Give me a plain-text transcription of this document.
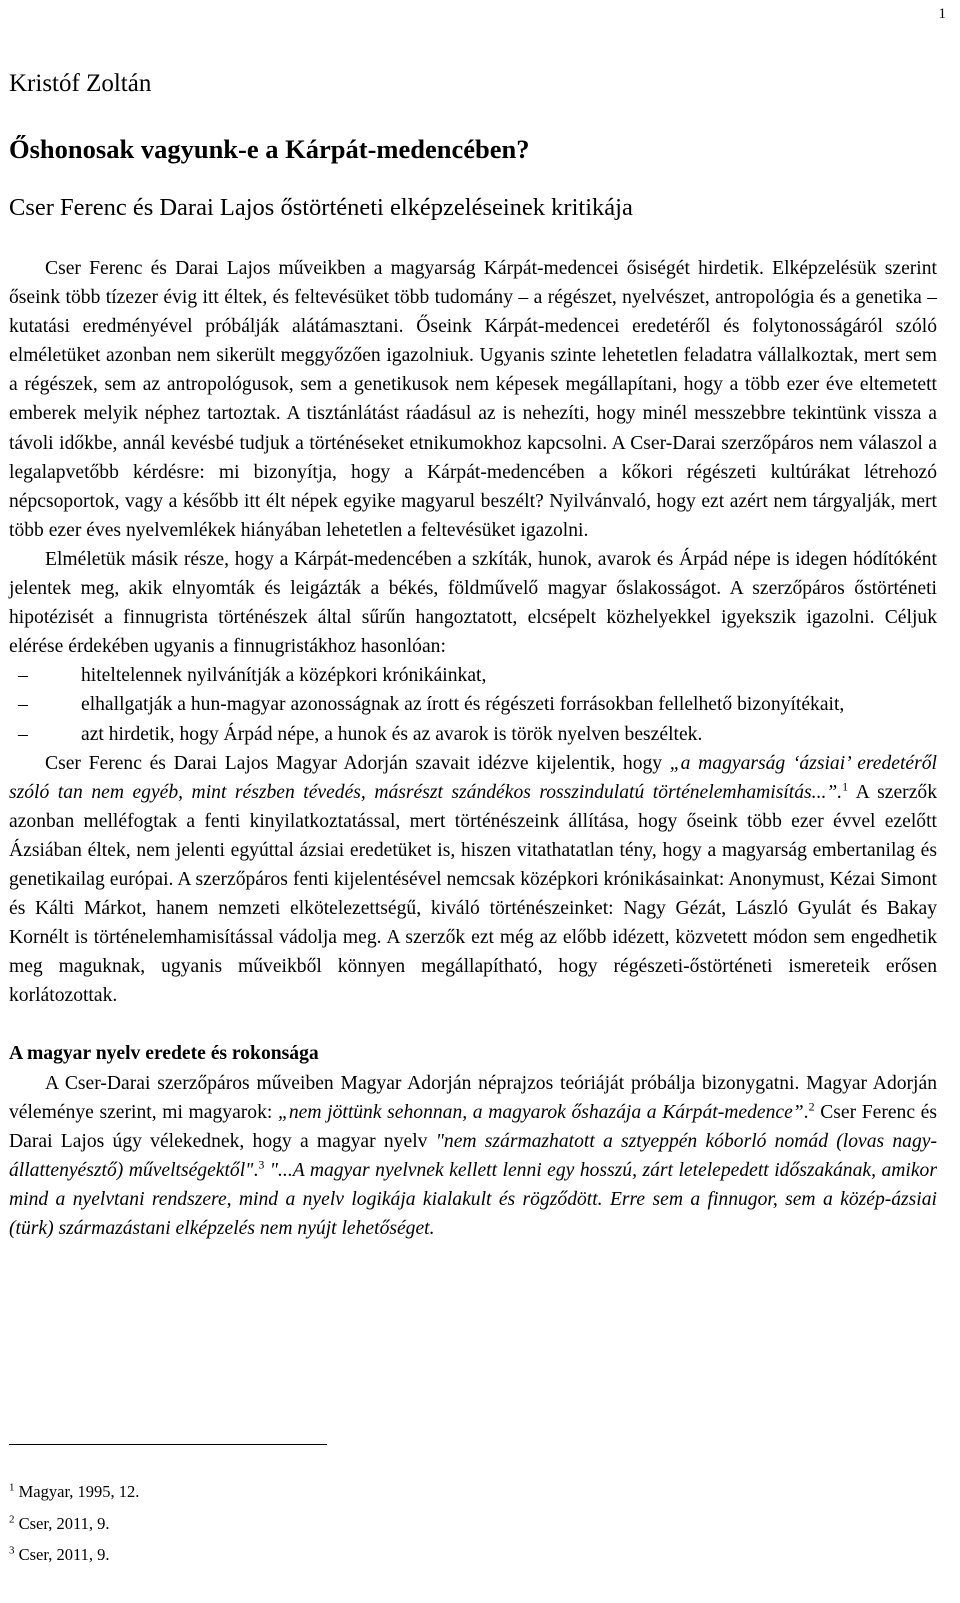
1
Kristóf Zoltán
Őshonosak vagyunk-e a Kárpát-medencében?
Cser Ferenc és Darai Lajos őstörténeti elképzeléseinek kritikája

Cser Ferenc és Darai Lajos műveikben a magyarság Kárpát-medencei ősiségét hirdetik. Elképzelésük szerint őseink több tízezer évig itt éltek, és feltevésüket több tudomány – a régészet, nyelvészet, antropológia és a genetika – kutatási eredményével próbálják alátámasztani. Őseink Kárpát-medencei eredetéről és folytonosságáról szóló elméletüket azonban nem sikerült meggyőzően igazolniuk. Ugyanis szinte lehetetlen feladatra vállalkoztak, mert sem a régészek, sem az antropológusok, sem a genetikusok nem képesek megállapítani, hogy a több ezer éve eltemetett emberek melyik néphez tartoztak. A tisztánlátást ráadásul az is nehezíti, hogy minél messzebbre tekintünk vissza a távoli időkbe, annál kevésbé tudjuk a történéseket etnikumokhoz kapcsolni. A Cser-Darai szerzőpáros nem válaszol a legalapvetőbb kérdésre: mi bizonyítja, hogy a Kárpát-medencében a kőkori régészeti kultúrákat létrehozó népcsoportok, vagy a később itt élt népek egyike magyarul beszélt? Nyilvánvaló, hogy ezt azért nem tárgyalják, mert több ezer éves nyelvemlékek hiányában lehetetlen a feltevésüket igazolni.

Elméletük másik része, hogy a Kárpát-medencében a szkíták, hunok, avarok és Árpád népe is idegen hódítóként jelentek meg, akik elnyomták és leigázták a békés, földművelő magyar őslakosságot. A szerzőpáros őstörténeti hipotézisét a finnugrista történészek által sűrűn hangoztatott, elcsépelt közhelyekkel igyekszik igazolni. Céljuk elérése érdekében ugyanis a finnugristákhoz hasonlóan:

–	hiteltelennek nyilvánítják a középkori krónikáinkat,
–	elhallgatják a hun-magyar azonosságnak az írott és régészeti forrásokban fellelhető bizonyítékait,
–	azt hirdetik, hogy Árpád népe, a hunok és az avarok is török nyelven beszéltek.

Cser Ferenc és Darai Lajos Magyar Adorján szavait idézve kijelentik, hogy „a magyarság ‘ázsiai’ eredetéről szóló tan nem egyéb, mint részben tévedés, másrészt szándékos rosszindulatú történelemhamisítás...”.$^1$ A szerzők azonban melléfogtak a fenti kinyilatkoztatással, mert történészeink állítása, hogy őseink több ezer évvel ezelőtt Ázsiában éltek, nem jelenti egyúttal ázsiai eredetüket is, hiszen vitathatatlan tény, hogy a magyarság embertanilag és genetikailag európai. A szerzőpáros fenti kijelentésével nemcsak középkori krónikásainkat: Anonymust, Kézai Simont és Kálti Márkot, hanem nemzeti elkötelezettségű, kiváló történészeinket: Nagy Gézát, László Gyulát és Bakay Kornélt is történelemhamisítással vádolja meg. A szerzők ezt még az előbb idézett, közvetett módon sem engedhetik meg maguknak, ugyanis műveikből könnyen megállapítható, hogy régészeti-őstörténeti ismereteik erősen korlátozottak.

A magyar nyelv eredete és rokonsága

A Cser-Darai szerzőpáros műveiben Magyar Adorján néprajzos teóriáját próbálja bizonygatni. Magyar Adorján véleménye szerint, mi magyarok: „nem jöttünk sehonnan, a magyarok őshazája a Kárpát-medence”.$^2$ Cser Ferenc és Darai Lajos úgy vélekednek, hogy a magyar nyelv "nem származhatott a sztyeppén kóborló nomád (lovas nagy-állattenyésztő) műveltségektől".$^3$ "...A magyar nyelvnek kellett lenni egy hosszú, zárt letelepedett időszakának, amikor mind a nyelvtani rendszere, mind a nyelv logikája kialakult és rögződött. Erre sem a finnugor, sem a közép-ázsiai (türk) származástani elképzelés nem nyújt lehetőséget.

$^1$ Magyar, 1995, 12.
$^2$ Cser, 2011, 9.
$^3$ Cser, 2011, 9.
